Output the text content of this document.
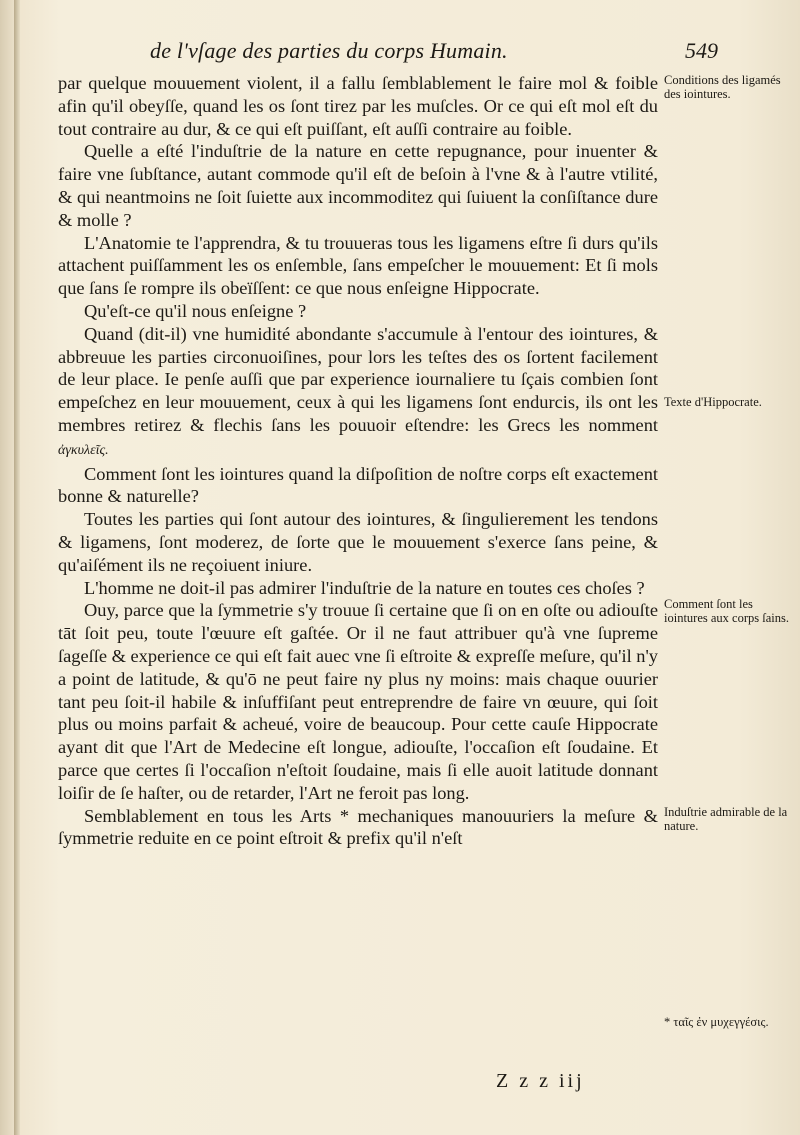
de l'vſage des parties du corps Humain.	549

par quelque mouuement violent, il a fallu ſemblablement le faire mol & foible afin qu'il obeyſſe, quand les os ſont tirez par les muſcles. Or ce qui eſt mol eſt du tout contraire au dur, & ce qui eſt puiſſant, eſt auſſi contraire au foible.

Quelle a eſté l'induſtrie de la nature en cette repugnance, pour inuenter & faire vne ſubſtance, autant commode qu'il eſt de beſoin à l'vne & à l'autre vtilité, & qui neantmoins ne ſoit ſuiette aux incommoditez qui ſuiuent la conſiſtance dure & molle ?

L'Anatomie te l'apprendra, & tu trouueras tous les ligamens eſtre ſi durs qu'ils attachent puiſſamment les os enſemble, ſans empeſcher le mouuement: Et ſi mols que ſans ſe rompre ils obeïſſent: ce que nous enſeigne Hippocrate.

Qu'eſt-ce qu'il nous enſeigne ?

Quand (dit-il) vne humidité abondante s'accumule à l'entour des iointures, & abbreuue les parties circonuoiſines, pour lors les teſtes des os ſortent facilement de leur place. Ie penſe auſſi que par experience iournaliere tu ſçais combien ſont empeſchez en leur mouuement, ceux à qui les ligamens ſont endurcis, ils ont les membres retirez & flechis ſans les pouuoir eſtendre: les Grecs les nomment ἀγκυλεῖς.

Comment ſont les iointures quand la diſpoſition de noſtre corps eſt exactement bonne & naturelle?

Toutes les parties qui ſont autour des iointures, & ſingulierement les tendons & ligamens, ſont moderez, de ſorte que le mouuement s'exerce ſans peine, & qu'aiſément ils ne reçoiuent iniure.

L'homme ne doit-il pas admirer l'induſtrie de la nature en toutes ces choſes ?

Ouy, parce que la ſymmetrie s'y trouue ſi certaine que ſi on en oſte ou adiouſte tāt ſoit peu, toute l'œuure eſt gaſtée. Or il ne faut attribuer qu'à vne ſupreme ſageſſe & experience ce qui eſt fait auec vne ſi eſtroite & expreſſe meſure, qu'il n'y a point de latitude, & qu'ō ne peut faire ny plus ny moins: mais chaque ouurier tant peu ſoit-il habile & inſuffiſant peut entreprendre de faire vn œuure, qui ſoit plus ou moins parfait & acheué, voire de beaucoup. Pour cette cauſe Hippocrate ayant dit que l'Art de Medecine eſt longue, adiouſte, l'occaſion eſt ſoudaine. Et parce que certes ſi l'occaſion n'eſtoit ſoudaine, mais ſi elle auoit latitude donnant loiſir de ſe haſter, ou de retarder, l'Art ne feroit pas long.

Semblablement en tous les Arts * mechaniques manouuriers la meſure & ſymmetrie reduite en ce point eſtroit & prefix qu'il n'eſt

Conditions des ligamés des iointures.
Texte d'Hippocrate.
Comment ſont les iointures aux corps ſains.
Induſtrie admirable de la nature.
* ταῖς ἐν μυχεγγέσις.
Z z z iij
